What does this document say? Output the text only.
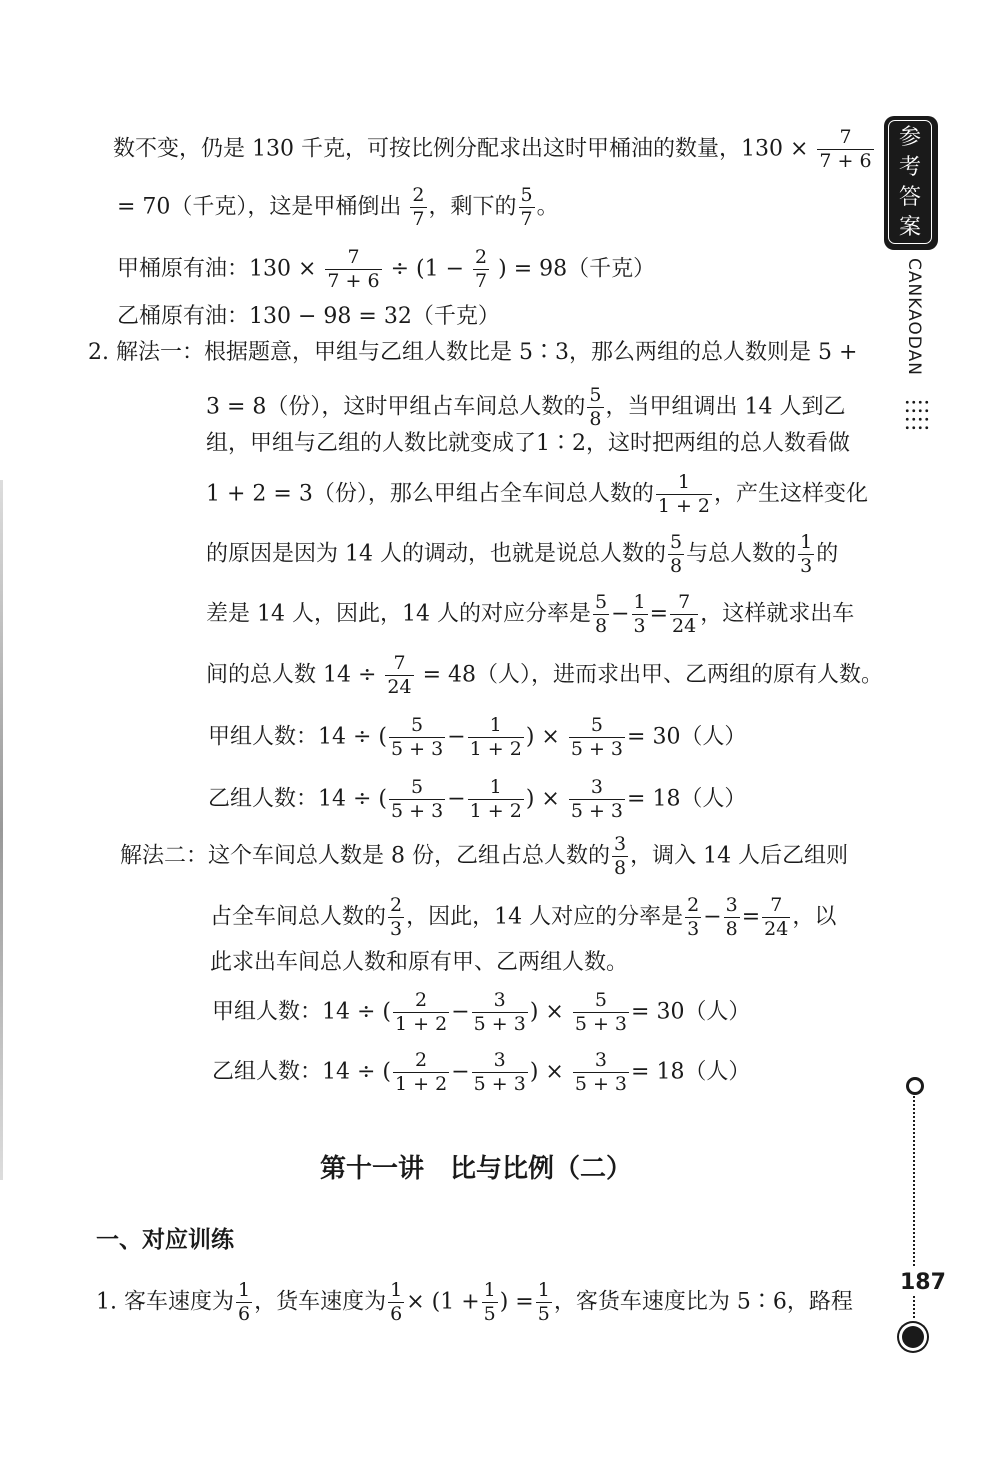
参
考
答
案
CANKAODAN
187
数不变，仍是 130 千克，可按比例分配求出这时甲桶油的数量，$130 \times \frac{7}{7 + 6}$
= 70（千克），这是甲桶倒出 $\frac{2}{7}$ ，剩下的 $\frac{5}{7}$ 。
甲桶原有油：$130 \times \frac{7}{7 + 6} \div (1 - \frac{2}{7}$ ) = 98（千克）
乙桶原有油：130 − 98 = 32（千克）
2. 解法一：根据题意，甲组与乙组人数比是 5∶3，那么两组的总人数则是 5 +
3 = 8（份），这时甲组占车间总人数的 $\frac{5}{8}$ ，当甲组调出 14 人到乙
组，甲组与乙组的人数比就变成了1∶2，这时把两组的总人数看做
1 + 2 = 3（份），那么甲组占全车间总人数的 $\frac{1}{1 + 2}$ ，产生这样变化
的原因是因为 14 人的调动，也就是说总人数的 $\frac{5}{8}$ 与总人数的 $\frac{1}{3}$ 的
差是 14 人，因此，14 人的对应分率是 $\frac{5}{8} - \frac{1}{3} = \frac{7}{24}$ ，这样就求出车
间的总人数 $14 \div \frac{7}{24} = 48$（人），进而求出甲、乙两组的原有人数。
甲组人数：14 ÷ ( $\frac{5}{5 + 3} - \frac{1}{1 + 2}$ ) × $\frac{5}{5 + 3} = 30$（人）
乙组人数：14 ÷ ( $\frac{5}{5 + 3} - \frac{1}{1 + 2}$ ) × $\frac{3}{5 + 3} = 18$（人）
解法二：这个车间总人数是 8 份，乙组占总人数的 $\frac{3}{8}$ ，调入 14 人后乙组则
占全车间总人数的 $\frac{2}{3}$ ，因此，14 人对应的分率是 $\frac{2}{3} - \frac{3}{8} = \frac{7}{24}$ ，以
此求出车间总人数和原有甲、乙两组人数。
甲组人数：14 ÷ ( $\frac{2}{1 + 2} - \frac{3}{5 + 3}$ ) × $\frac{5}{5 + 3} = 30$（人）
乙组人数：14 ÷ ( $\frac{2}{1 + 2} - \frac{3}{5 + 3}$ ) × $\frac{3}{5 + 3} = 18$（人）
第十一讲　比与比例（二）
一、对应训练
1. 客车速度为 $\frac{1}{6}$ ，货车速度为 $\frac{1}{6} \times (1 + \frac{1}{5}$ ) = $\frac{1}{5}$ ，客货车速度比为 5∶6，路程
